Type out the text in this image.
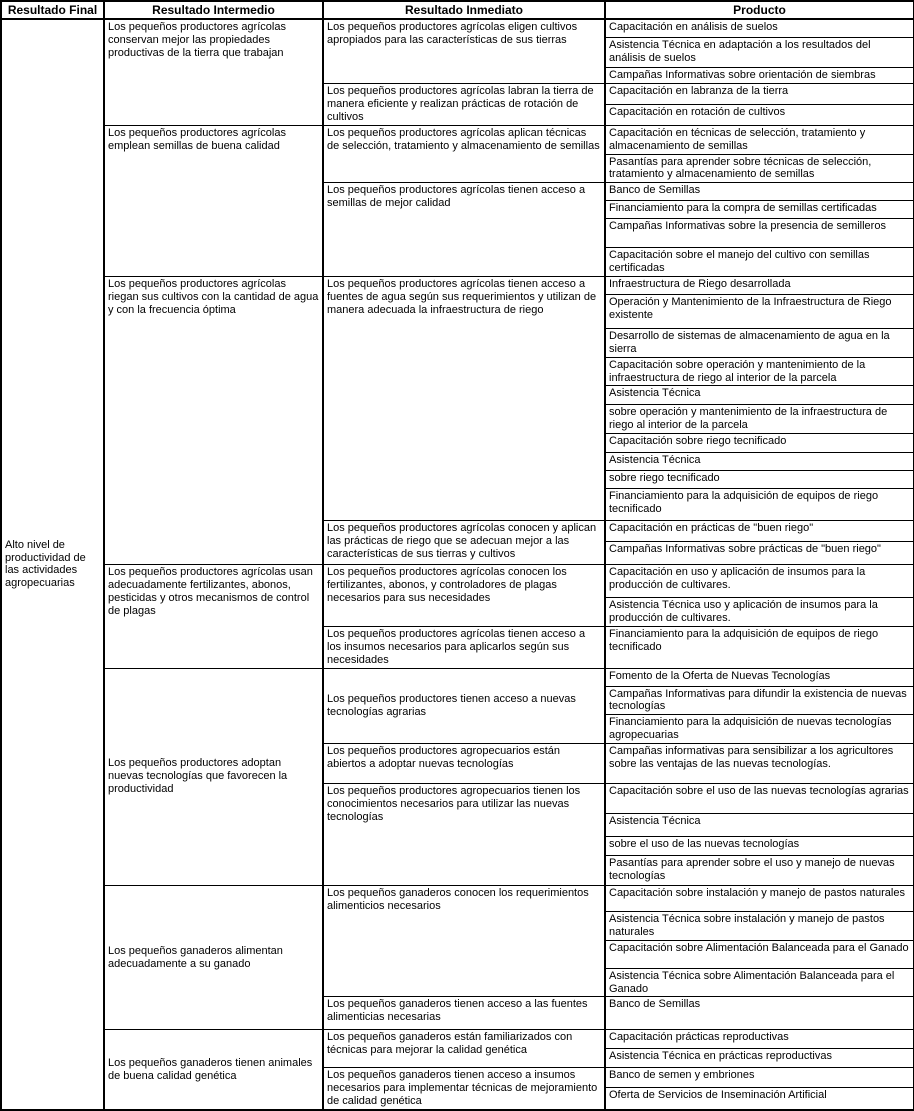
Resultado Final	Resultado Intermedio	Resultado Inmediato	Producto
Alto nivel de productividad de las actividades agropecuarias	Los pequeños productores agrícolas conservan mejor las propiedades productivas de la tierra que trabajan	Los pequeños productores agrícolas eligen cultivos apropiados para las características de sus tierras	Capacitación en análisis de suelos
			Asistencia Técnica en adaptación a los resultados del análisis de suelos
			Campañas Informativas sobre orientación de siembras
		Los pequeños productores agrícolas labran la tierra de manera eficiente y realizan prácticas de rotación de cultivos	Capacitación en labranza de la tierra
			Capacitación en rotación de cultivos
	Los pequeños productores agrícolas emplean semillas de buena calidad	Los pequeños productores agrícolas aplican técnicas de selección, tratamiento y almacenamiento de semillas	Capacitación en técnicas de selección, tratamiento y almacenamiento de semillas
			Pasantías para aprender sobre técnicas de selección, tratamiento y almacenamiento de semillas
		Los pequeños productores agrícolas tienen acceso a semillas de mejor calidad	Banco de Semillas
			Financiamiento para la compra de semillas certificadas
			Campañas Informativas sobre la presencia de semilleros
			Capacitación sobre el manejo del cultivo con semillas certificadas
	Los pequeños productores agrícolas riegan sus cultivos con la cantidad de agua y con la frecuencia óptima	Los pequeños productores agrícolas tienen acceso a fuentes de agua según sus requerimientos y utilizan de manera adecuada la infraestructura de riego	Infraestructura de Riego desarrollada
			Operación y Mantenimiento de la Infraestructura de Riego existente
			Desarrollo de sistemas de almacenamiento de agua en la sierra
			Capacitación sobre operación y mantenimiento de la infraestructura de riego al interior de la parcela
			Asistencia Técnica
			sobre operación y mantenimiento de la infraestructura de riego al interior de la parcela
			Capacitación sobre riego tecnificado
			Asistencia Técnica
			sobre riego tecnificado
			Financiamiento para la adquisición de equipos de riego tecnificado
		Los pequeños productores agrícolas conocen y aplican las prácticas de riego que se adecuan mejor a las características de sus tierras y cultivos	Capacitación en prácticas de "buen riego"
			Campañas Informativas sobre prácticas de "buen riego"
	Los pequeños productores agrícolas usan adecuadamente fertilizantes, abonos, pesticidas y otros mecanismos de control de plagas	Los pequeños productores agrícolas conocen los fertilizantes, abonos, y controladores de plagas necesarios para sus necesidades	Capacitación en uso y aplicación de insumos para la producción de cultivares.
			Asistencia Técnica uso y aplicación de insumos para la producción de cultivares.
		Los pequeños productores agrícolas tienen acceso a los insumos necesarios para aplicarlos según sus necesidades	Financiamiento para la adquisición de equipos de riego tecnificado
	Los pequeños productores adoptan nuevas tecnologías que favorecen la productividad	Los pequeños productores tienen acceso a nuevas tecnologías agrarias	Fomento de la Oferta de Nuevas Tecnologías
			Campañas Informativas para difundir la existencia de nuevas tecnologías
			Financiamiento para la adquisición de nuevas tecnologías agropecuarias
		Los pequeños productores agropecuarios están abiertos a adoptar nuevas tecnologías	Campañas informativas para sensibilizar a los agricultores sobre las ventajas de las nuevas tecnologías.
		Los pequeños productores agropecuarios tienen los conocimientos necesarios para utilizar las nuevas tecnologías	Capacitación sobre el uso de las nuevas tecnologías agrarias
			Asistencia Técnica
			sobre el uso de las nuevas tecnologías
			Pasantías para aprender sobre el uso y manejo de nuevas tecnologías
	Los pequeños ganaderos alimentan adecuadamente a su ganado	Los pequeños ganaderos conocen los requerimientos alimenticios necesarios	Capacitación sobre instalación y manejo de pastos naturales
			Asistencia Técnica sobre instalación y manejo de pastos naturales
			Capacitación sobre Alimentación Balanceada para el Ganado
			Asistencia Técnica sobre Alimentación Balanceada para el Ganado
		Los pequeños ganaderos tienen acceso a las fuentes alimenticias necesarias	Banco de Semillas
	Los pequeños ganaderos tienen animales de buena calidad genética	Los pequeños ganaderos están familiarizados con técnicas para mejorar la calidad genética	Capacitación prácticas reproductivas
			Asistencia Técnica en prácticas reproductivas
		Los pequeños ganaderos tienen acceso a insumos necesarios para implementar técnicas de mejoramiento de calidad genética	Banco de semen y embriones
			Oferta de Servicios de Inseminación Artificial
